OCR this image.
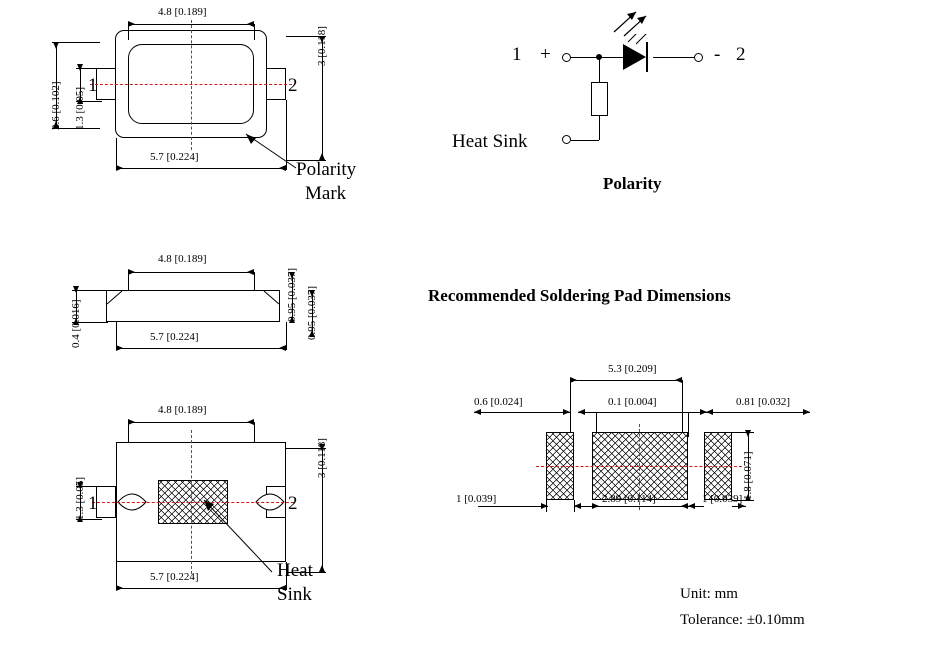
4.8 [0.189]
1	2
3 [0.118]
2.6 [0.102] 1.3 [0.05]
5.7 [0.224]
Polarity
Mark
4.8 [0.189]
0.4 [0.016]
0.95 [0.037] 0.95 [0.037]
5.7 [0.224]
4.8 [0.189]
1	2
1.3 [0.05]
3 [0.118]
5.7 [0.224]	Heat
Sink
1 +	- 2
Heat Sink
Polarity
Recommended Soldering Pad Dimensions
5.3 [0.209]
0.1 [0.004]
0.6 [0.024]	0.81 [0.032]
1.8 [0.071]
1 [0.039]	2.89 [0.114]	1 [0.039]
Unit: mm
Tolerance: ±0.10mm
